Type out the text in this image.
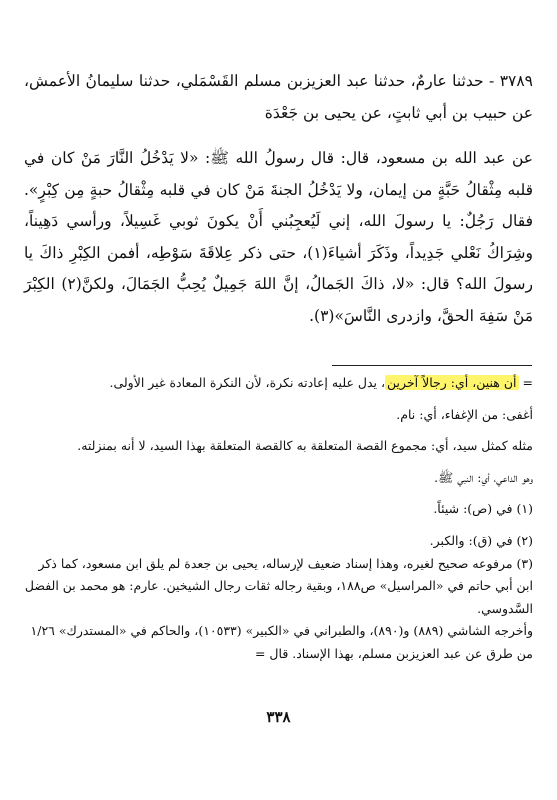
٣٧٨٩ - حدثنا عارمٌ، حدثنا عبد العزيزبن مسلم القَسْمَلي، حدثنا سليمانُ الأعمش، عن حبيب بن أبي ثابتٍ، عن يحيى بن جَعْدَة

عن عبد الله بن مسعود، قال: قال رسولُ الله ﷺ: «لا يَدْخُلُ النَّارَ مَنْ كان في قلبه مِثْقالُ حَبَّةٍ من إيمان، ولا يَدْخُلُ الجنةَ مَنْ كان في قلبه مِثْقالُ حبةٍ مِن كِبْرٍ». فقال رَجُلٌ: يا رسولَ الله، إني لَيُعجِبُني أَنْ يكونَ ثوبي غَسِيلاً، ورأسي دَهِيناً، وشِرَاكُ نَعْلي جَدِيداً، وذَكَرَ أشياءَ(١)، حتى ذكر عِلاقَةَ سَوْطِه، أفمن الكِبْرِ ذاكَ يا رسولَ الله؟ قال: «لا، ذاكَ الجَمالُ، إنَّ اللهَ جَمِيلٌ يُحِبُّ الجَمَالَ، ولكنَّ(٢) الكِبْرَ مَنْ سَفِهَ الحقَّ، وازدرى النَّاسَ»(٣).

= أن هنين، أي: رجالاً آخرين، يدل عليه إعادته نكرة، لأن النكرة المعادة غير الأولى.

أغفى: من الإغفاء، أي: نام.

مثله كمثل سيد، أي: مجموع القصة المتعلقة به كالقصة المتعلقة بهذا السيد، لا أنه بمنزلته.

وهو الداعي، أي: النبي ﷺ.

(١) في (ص): شيئاً.

(٢) في (ق): والكبر.

(٣) مرفوعه صحيح لغيره، وهذا إسناد ضعيف لإرساله، يحيى بن جعدة لم يلق ابن مسعود، كما ذكر ابن أبي حاتم في «المراسيل» ص١٨٨، وبقية رجاله ثقات رجال الشيخين. عارم: هو محمد بن الفضل السَّدوسي.

وأخرجه الشاشي (٨٨٩) و(٨٩٠)، والطبراني في «الكبير» (١٠٥٣٣)، والحاكم في «المستدرك» ١/٢٦ من طرق عن عبد العزيزبن مسلم، بهذا الإسناد. قال =

٣٣٨
